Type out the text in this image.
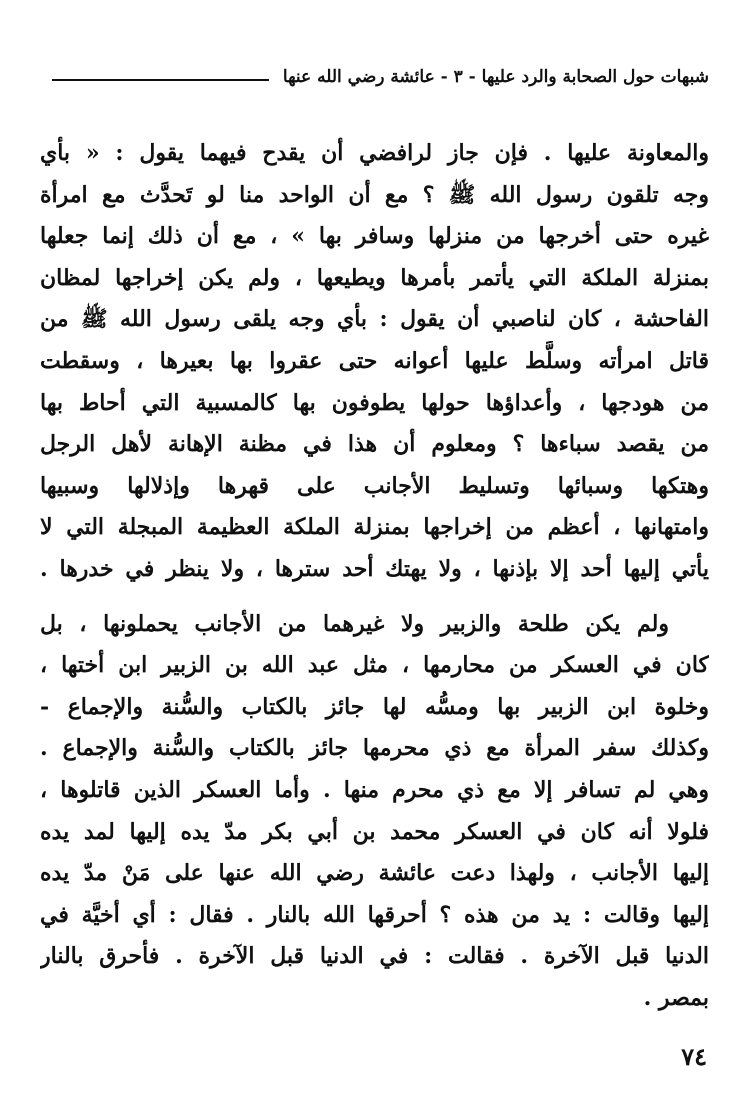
شبهات حول الصحابة والرد عليها - ٣ - عائشة رضي الله عنها
والمعاونة عليها . فإن جاز لرافضي أن يقدح فيهما يقول : « بأي
وجه تلقون رسول الله ﷺ ؟ مع أن الواحد منا لو تَحدَّث مع امرأة
غيره حتى أخرجها من منزلها وسافر بها » ، مع أن ذلك إنما جعلها
بمنزلة الملكة التي يأتمر بأمرها ويطيعها ، ولم يكن إخراجها لمظان
الفاحشة ، كان لناصبي أن يقول : بأي وجه يلقى رسول الله ﷺ من
قاتل امرأته وسلَّط عليها أعوانه حتى عقروا بها بعيرها ، وسقطت
من هودجها ، وأعداؤها حولها يطوفون بها كالمسبية التي أحاط بها
من يقصد سباءها ؟ ومعلوم أن هذا في مظنة الإهانة لأهل الرجل
وهتكها وسبائها وتسليط الأجانب على قهرها وإذلالها وسبيها
وامتهانها ، أعظم من إخراجها بمنزلة الملكة العظيمة المبجلة التي لا
يأتي إليها أحد إلا بإذنها ، ولا يهتك أحد سترها ، ولا ينظر في خدرها .
ولم يكن طلحة والزبير ولا غيرهما من الأجانب يحملونها ، بل
كان في العسكر من محارمها ، مثل عبد الله بن الزبير ابن أختها ،
وخلوة ابن الزبير بها ومسُّه لها جائز بالكتاب والسُّنة والإجماع -
وكذلك سفر المرأة مع ذي محرمها جائز بالكتاب والسُّنة والإجماع .
وهي لم تسافر إلا مع ذي محرم منها . وأما العسكر الذين قاتلوها ،
فلولا أنه كان في العسكر محمد بن أبي بكر مدّ يده إليها لمد يده
إليها الأجانب ، ولهذا دعت عائشة رضي الله عنها على مَنْ مدّ يده
إليها وقالت : يد من هذه ؟ أحرقها الله بالنار . فقال : أي أخيَّة في
الدنيا قبل الآخرة . فقالت : في الدنيا قبل الآخرة . فأحرق بالنار
بمصر .
٧٤
